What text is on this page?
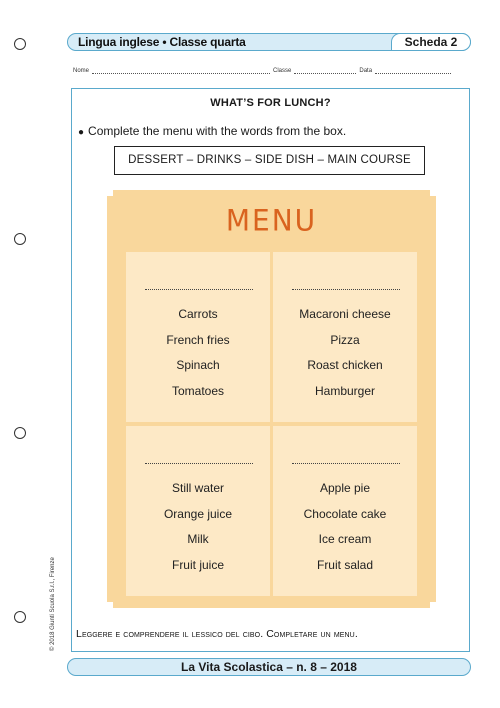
Lingua inglese • Classe quarta	Scheda 2
Nome	Classe	Data
WHAT’S FOR LUNCH?
● Complete the menu with the words from the box.
DESSERT – DRINKS – SIDE DISH – MAIN COURSE
MENU
Carrots
French fries
Spinach
Tomatoes
Macaroni cheese
Pizza
Roast chicken
Hamburger
Still water
Orange juice
Milk
Fruit juice
Apple pie
Chocolate cake
Ice cream
Fruit salad
Leggere e comprendere il lessico del cibo. Completare un menu.
© 2018 Giunti Scuola S.r.l., Firenze
La Vita Scolastica – n. 8 – 2018
